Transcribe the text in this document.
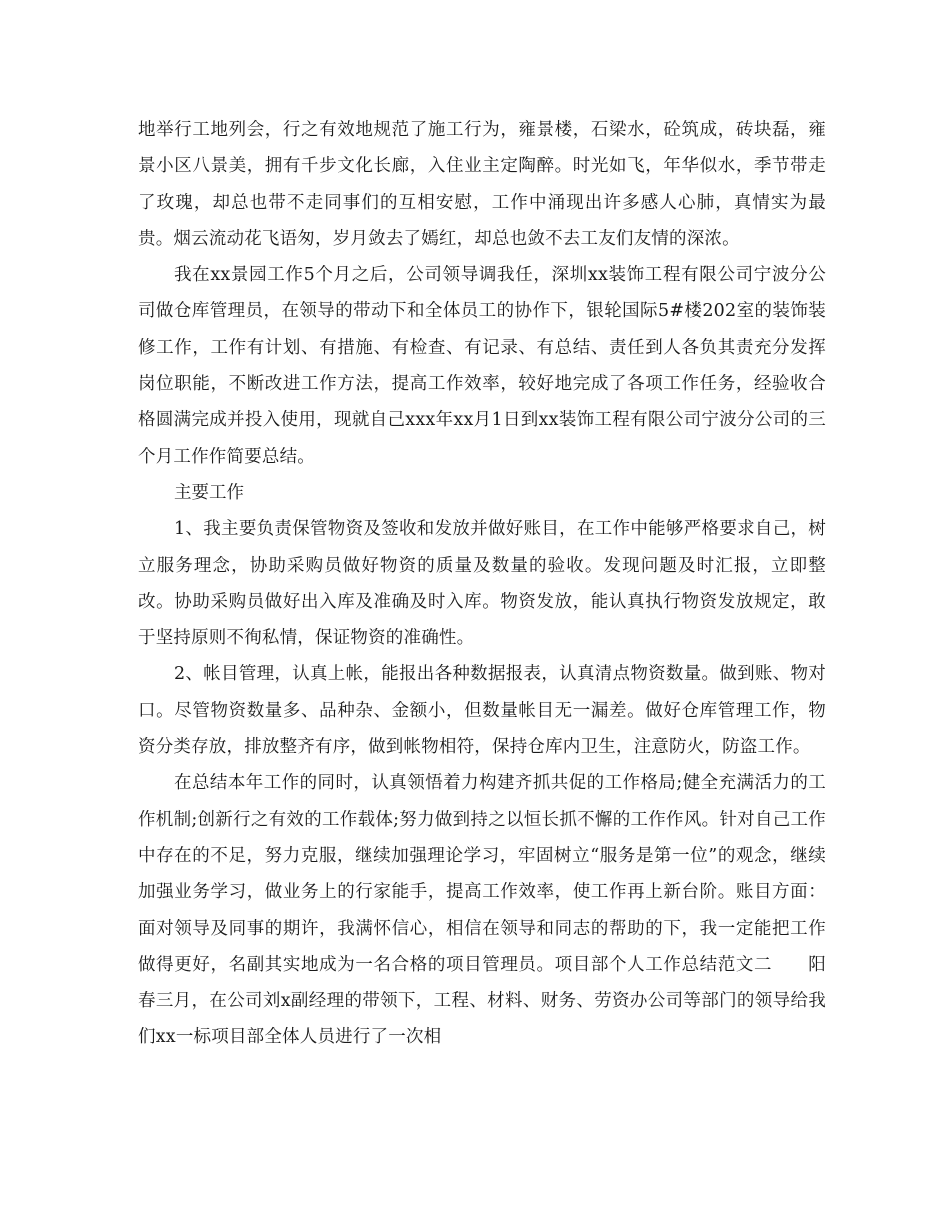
地举行工地列会，行之有效地规范了施工行为，雍景楼，石梁水，砼筑成，砖块磊，雍景小区八景美，拥有千步文化长廊，入住业主定陶醉。时光如飞，年华似水，季节带走了玫瑰，却总也带不走同事们的互相安慰，工作中涌现出许多感人心肺，真情实为最贵。烟云流动花飞语匆，岁月敛去了嫣红，却总也敛不去工友们友情的深浓。

我在xx景园工作5个月之后，公司领导调我任，深圳xx装饰工程有限公司宁波分公司做仓库管理员，在领导的带动下和全体员工的协作下，银轮国际5#楼202室的装饰装修工作，工作有计划、有措施、有检查、有记录、有总结、责任到人各负其责充分发挥岗位职能，不断改进工作方法，提高工作效率，较好地完成了各项工作任务，经验收合格圆满完成并投入使用，现就自己xxx年xx月1日到xx装饰工程有限公司宁波分公司的三个月工作作简要总结。

主要工作

1、我主要负责保管物资及签收和发放并做好账目，在工作中能够严格要求自己，树立服务理念，协助采购员做好物资的质量及数量的验收。发现问题及时汇报，立即整改。协助采购员做好出入库及准确及时入库。物资发放，能认真执行物资发放规定，敢于坚持原则不徇私情，保证物资的准确性。

2、帐目管理，认真上帐，能报出各种数据报表，认真清点物资数量。做到账、物对口。尽管物资数量多、品种杂、金额小，但数量帐目无一漏差。做好仓库管理工作，物资分类存放，排放整齐有序，做到帐物相符，保持仓库内卫生，注意防火，防盗工作。

在总结本年工作的同时，认真领悟着力构建齐抓共促的工作格局;健全充满活力的工作机制;创新行之有效的工作载体;努力做到持之以恒长抓不懈的工作作风。针对自己工作中存在的不足，努力克服，继续加强理论学习，牢固树立“服务是第一位”的观念，继续加强业务学习，做业务上的行家能手，提高工作效率，使工作再上新台阶。账目方面：面对领导及同事的期许，我满怀信心，相信在领导和同志的帮助的下，我一定能把工作做得更好，名副其实地成为一名合格的项目管理员。项目部个人工作总结范文二　　阳春三月，在公司刘x副经理的带领下，工程、材料、财务、劳资办公司等部门的领导给我们xx一标项目部全体人员进行了一次相
